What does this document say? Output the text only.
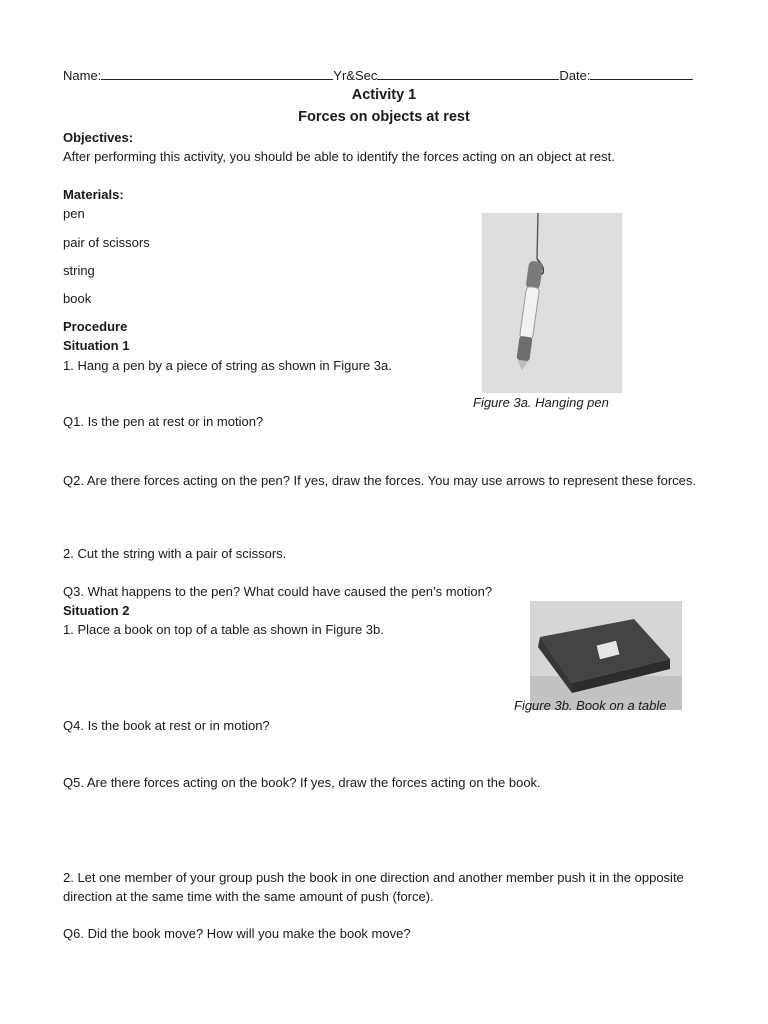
Name:	Yr&Sec	Date:
Activity 1
Forces on objects at rest
Objectives:
After performing this activity, you should be able to identify the forces acting on an object at rest.
Materials:
pen
pair of scissors
string
book
Procedure
Situation 1
1. Hang a pen by a piece of string as shown in Figure 3a.
Figure 3a. Hanging pen
Q1. Is the pen at rest or in motion?
Q2. Are there forces acting on the pen? If yes, draw the forces. You may use arrows to represent these forces.
2. Cut the string with a pair of scissors.
Q3. What happens to the pen? What could have caused the pen’s motion?
Situation 2
1. Place a book on top of a table as shown in Figure 3b.
Figure 3b. Book on a table
Q4. Is the book at rest or in motion?
Q5. Are there forces acting on the book? If yes, draw the forces acting on the book.
2. Let one member of your group push the book in one direction and another member push it in the opposite direction at the same time with the same amount of push (force).
Q6. Did the book move? How will you make the book move?
